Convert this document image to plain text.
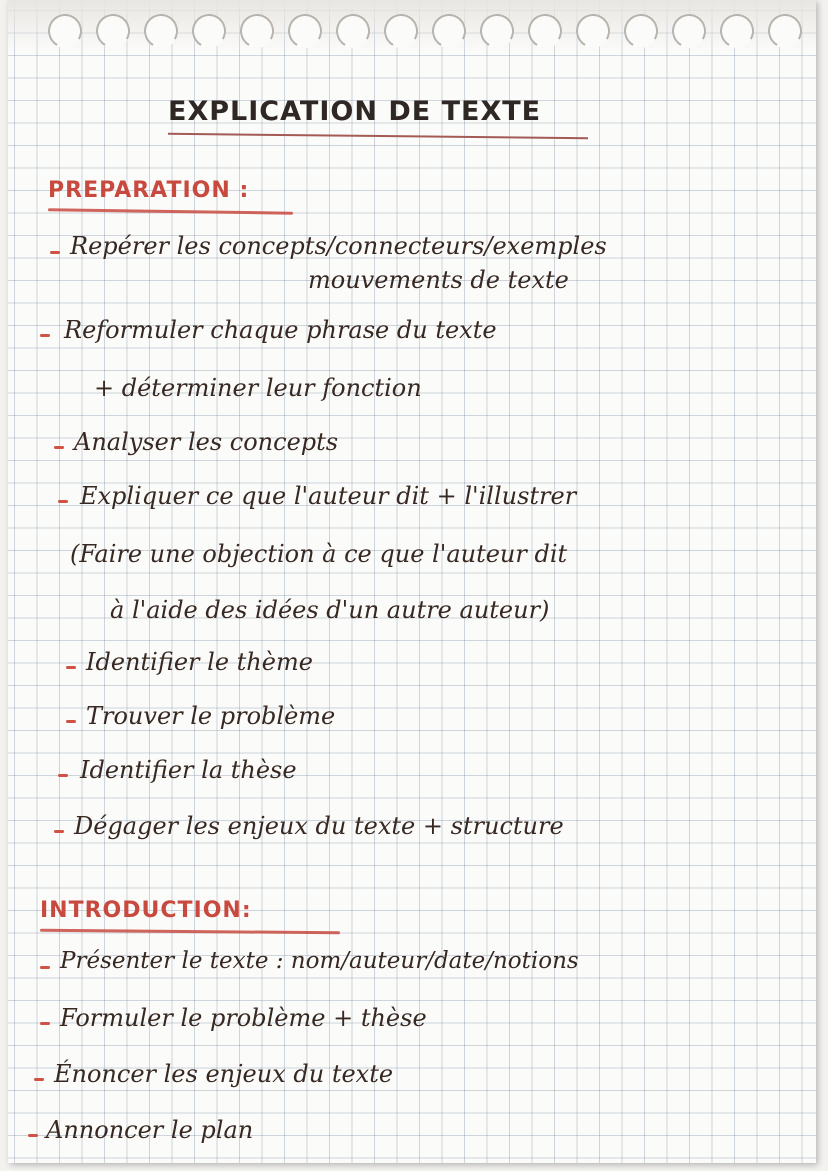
EXPLICATION DE TEXTE
PREPARATION :
Repérer les concepts/connecteurs/exemples
mouvements de texte
Reformuler chaque phrase du texte
+ déterminer leur fonction
Analyser les concepts
Expliquer ce que l'auteur dit + l'illustrer
(Faire une objection à ce que l'auteur dit
à l'aide des idées d'un autre auteur)
Identifier le thème
Trouver le problème
Identifier la thèse
Dégager les enjeux du texte + structure
INTRODUCTION:
Présenter le texte : nom/auteur/date/notions
Formuler le problème + thèse
Énoncer les enjeux du texte
Annoncer le plan
